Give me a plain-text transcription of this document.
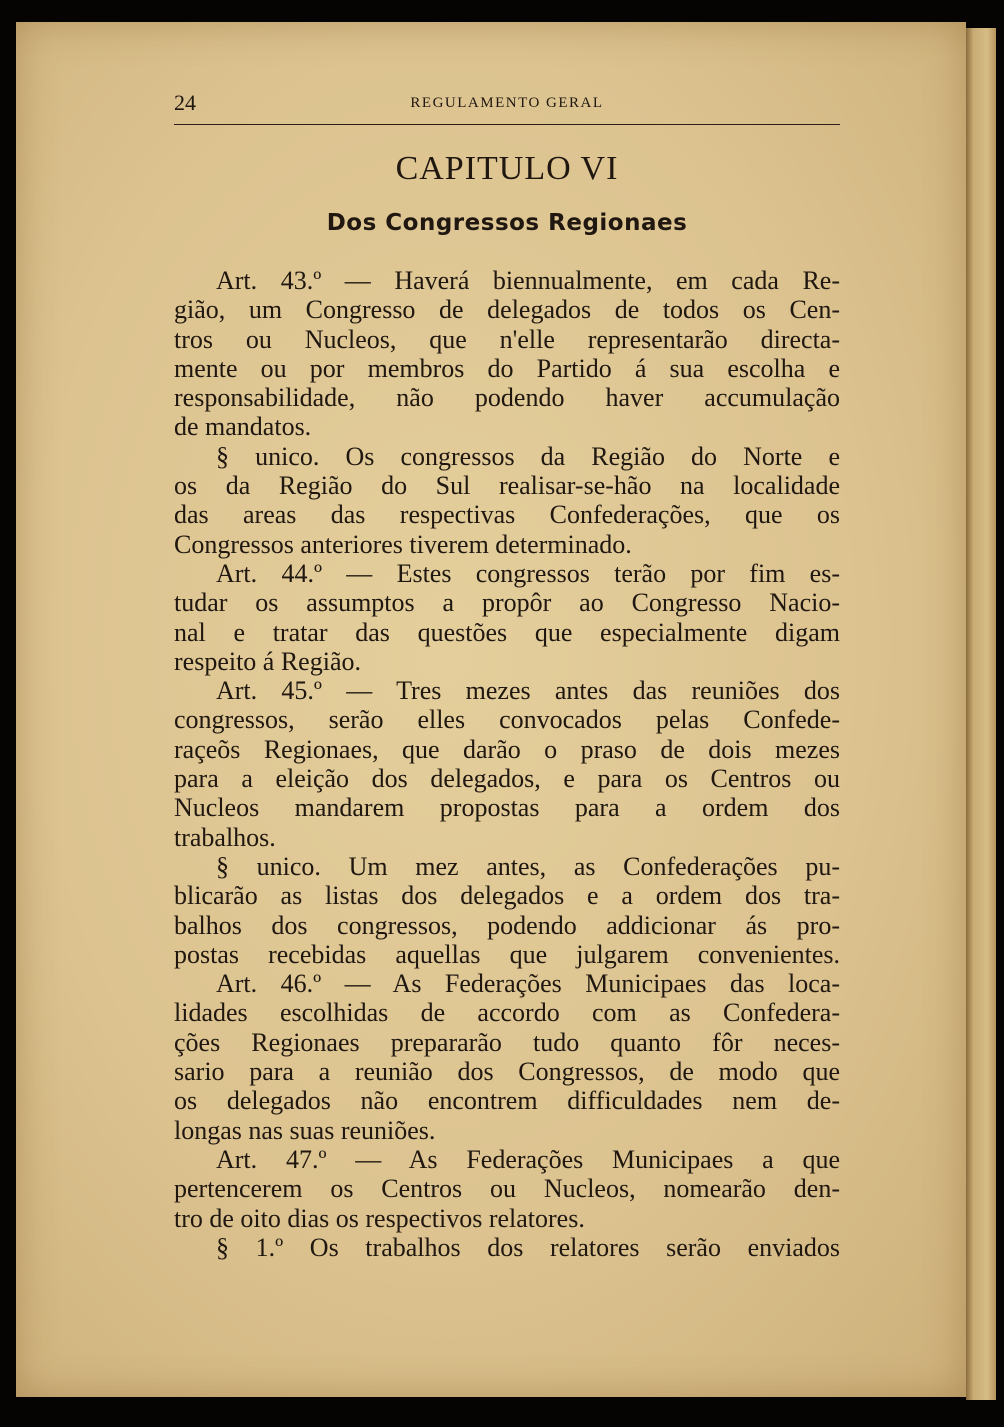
24	REGULAMENTO GERAL
CAPITULO VI
Dos Congressos Regionaes
Art. 43.º — Haverá biennualmente, em cada Re-
gião, um Congresso de delegados de todos os Cen-
tros ou Nucleos, que n'elle representarão directa-
mente ou por membros do Partido á sua escolha e
responsabilidade, não podendo haver accumulação
de mandatos.
§ unico. Os congressos da Região do Norte e
os da Região do Sul realisar-se-hão na localidade
das areas das respectivas Confederações, que os
Congressos anteriores tiverem determinado.
Art. 44.º — Estes congressos terão por fim es-
tudar os assumptos a propôr ao Congresso Nacio-
nal e tratar das questões que especialmente digam
respeito á Região.
Art. 45.º — Tres mezes antes das reuniões dos
congressos, serão elles convocados pelas Confede-
raçeõs Regionaes, que darão o praso de dois mezes
para a eleição dos delegados, e para os Centros ou
Nucleos mandarem propostas para a ordem dos
trabalhos.
§ unico. Um mez antes, as Confederações pu-
blicarão as listas dos delegados e a ordem dos tra-
balhos dos congressos, podendo addicionar ás pro-
postas recebidas aquellas que julgarem convenientes.
Art. 46.º — As Federações Municipaes das loca-
lidades escolhidas de accordo com as Confedera-
ções Regionaes prepararão tudo quanto fôr neces-
sario para a reunião dos Congressos, de modo que
os delegados não encontrem difficuldades nem de-
longas nas suas reuniões.
Art. 47.º — As Federações Municipaes a que
pertencerem os Centros ou Nucleos, nomearão den-
tro de oito dias os respectivos relatores.
§ 1.º Os trabalhos dos relatores serão enviados
